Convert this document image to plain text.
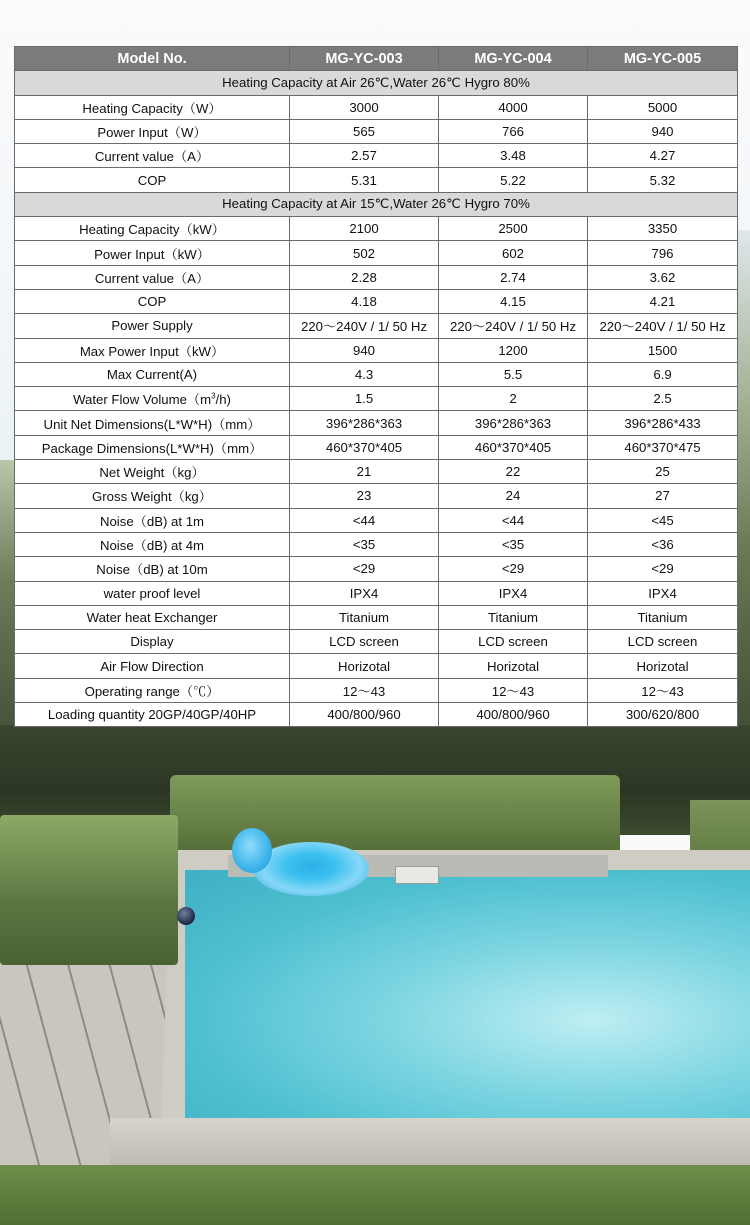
Model No.	MG-YC-003	MG-YC-004	MG-YC-005
Heating Capacity at Air 26℃,Water 26℃ Hygro 80%			
Heating Capacity（W）	3000	4000	5000
Power Input（W）	565	766	940
Current value（A）	2.57	3.48	4.27
COP	5.31	5.22	5.32
Heating Capacity at Air 15℃,Water 26℃ Hygro 70%			
Heating Capacity（kW）	2100	2500	3350
Power Input（kW）	502	602	796
Current value（A）	2.28	2.74	3.62
COP	4.18	4.15	4.21
Power Supply	220～240V / 1/ 50 Hz	220～240V / 1/ 50 Hz	220～240V / 1/ 50 Hz
Max Power Input（kW）	940	1200	1500
Max Current(A)	4.3	5.5	6.9
Water Flow $Volume(m^3/h)$	1.5	2	2.5
Unit Net Dimensions(L*W*H)（mm）	396*286*363	396*286*363	396*286*433
Package Dimensions(L*W*H)（mm）	460*370*405	460*370*405	460*370*475
Net Weight（kg）	21	22	25
Gross Weight（kg）	23	24	27
Noise（dB) at 1m	<44	<44	<45
Noise（dB) at 4m	<35	<35	<36
Noise（dB) at 10m	<29	<29	<29
water proof level	IPX4	IPX4	IPX4
Water heat Exchanger	Titanium	Titanium	Titanium
Display	LCD screen	LCD screen	LCD screen
Air Flow Direction	Horizotal	Horizotal	Horizotal
Operating range（℃）	12～43	12～43	12～43
Loading quantity 20GP/40GP/40HP	400/800/960	400/800/960	300/620/800
